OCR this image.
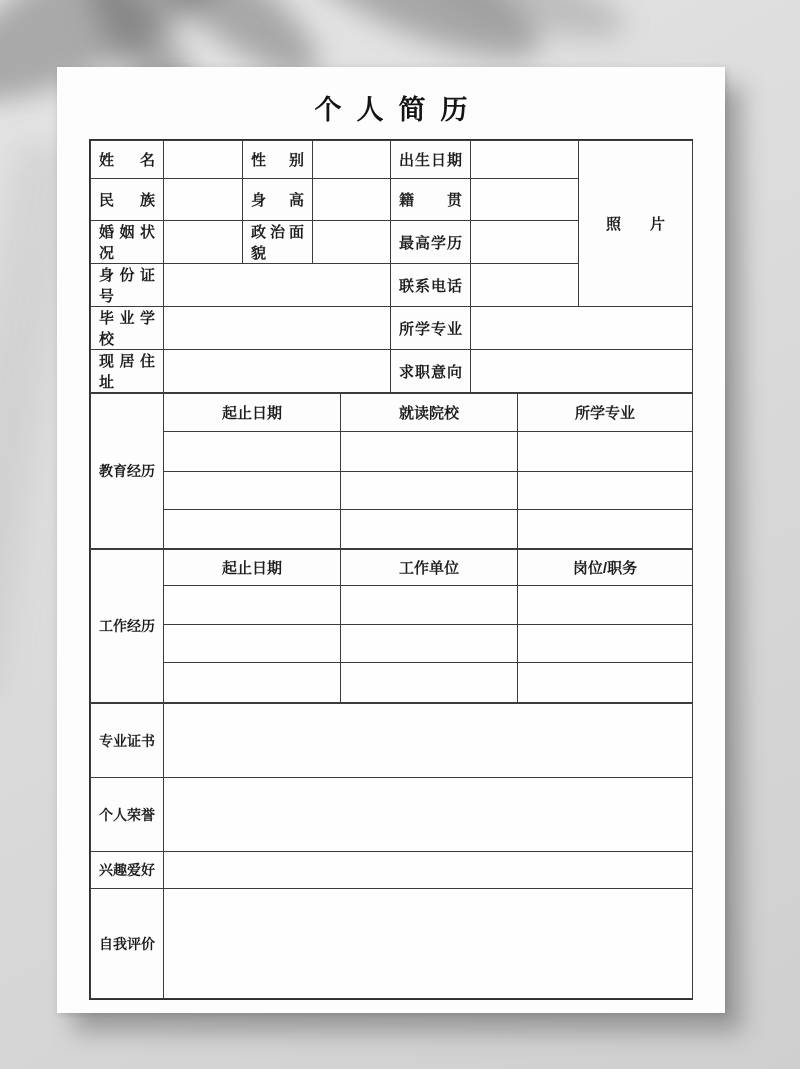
个人简历
姓　名		性　别		出生日期		照　片
民　族		身　高		籍　贯		
婚姻状况		政治面貌		最高学历		
身份证号				联系电话		
毕业学校				所学专业		
现居住址				求职意向		
教育经历	起止日期	就读院校	所学专业

工作经历	起止日期	工作单位	岗位/职务

专业证书	
个人荣誉	
兴趣爱好	
自我评价	
